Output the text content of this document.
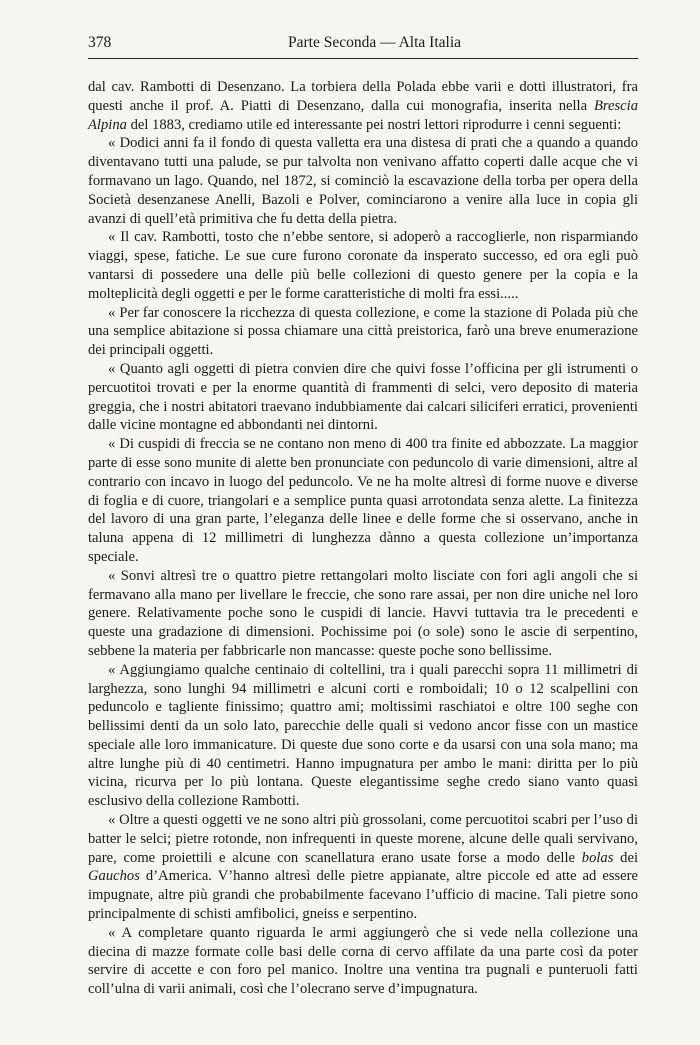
378	Parte Seconda — Alta Italia

dal cav. Rambotti di Desenzano. La torbiera della Polada ebbe varii e dotti illustratori, fra questi anche il prof. A. Piatti di Desenzano, dalla cui monografia, inserita nella Brescia Alpina del 1883, crediamo utile ed interessante pei nostri lettori riprodurre i cenni seguenti:

« Dodici anni fa il fondo di questa valletta era una distesa di prati che a quando a quando diventavano tutti una palude, se pur talvolta non venivano affatto coperti dalle acque che vi formavano un lago. Quando, nel 1872, si cominciò la escavazione della torba per opera della Società desenzanese Anelli, Bazoli e Polver, cominciarono a venire alla luce in copia gli avanzi di quell’età primitiva che fu detta della pietra.

« Il cav. Rambotti, tosto che n’ebbe sentore, si adoperò a raccoglierle, non risparmiando viaggi, spese, fatiche. Le sue cure furono coronate da insperato successo, ed ora egli può vantarsi di possedere una delle più belle collezioni di questo genere per la copia e la molteplicità degli oggetti e per le forme caratteristiche di molti fra essi.....

« Per far conoscere la ricchezza di questa collezione, e come la stazione di Polada più che una semplice abitazione si possa chiamare una città preistorica, farò una breve enumerazione dei principali oggetti.

« Quanto agli oggetti di pietra convien dire che quivi fosse l’officina per gli istrumenti o percuotitoi trovati e per la enorme quantità di frammenti di selci, vero deposito di materia greggia, che i nostri abitatori traevano indubbiamente dai calcari siliciferi erratici, provenienti dalle vicine montagne ed abbondanti nei dintorni.

« Di cuspidi di freccia se ne contano non meno di 400 tra finite ed abbozzate. La maggior parte di esse sono munite di alette ben pronunciate con peduncolo di varie dimensioni, altre al contrario con incavo in luogo del peduncolo. Ve ne ha molte altresì di forme nuove e diverse di foglia e di cuore, triangolari e a semplice punta quasi arrotondata senza alette. La finitezza del lavoro di una gran parte, l’eleganza delle linee e delle forme che si osservano, anche in taluna appena di 12 millimetri di lunghezza dànno a questa collezione un’importanza speciale.

« Sonvi altresì tre o quattro pietre rettangolari molto lisciate con fori agli angoli che si fermavano alla mano per livellare le freccie, che sono rare assai, per non dire uniche nel loro genere. Relativamente poche sono le cuspidi di lancie. Havvi tuttavia tra le precedenti e queste una gradazione di dimensioni. Pochissime poi (o sole) sono le ascie di serpentino, sebbene la materia per fabbricarle non mancasse: queste poche sono bellissime.

« Aggiungiamo qualche centinaio di coltellini, tra i quali parecchi sopra 11 millimetri di larghezza, sono lunghi 94 millimetri e alcuni corti e romboidali; 10 o 12 scalpellini con peduncolo e tagliente finissimo; quattro ami; moltissimi raschiatoi e oltre 100 seghe con bellissimi denti da un solo lato, parecchie delle quali si vedono ancor fisse con un mastice speciale alle loro immanicature. Di queste due sono corte e da usarsi con una sola mano; ma altre lunghe più di 40 centimetri. Hanno impugnatura per ambo le mani: diritta per lo più vicina, ricurva per lo più lontana. Queste elegantissime seghe credo siano vanto quasi esclusivo della collezione Rambotti.

« Oltre a questi oggetti ve ne sono altri più grossolani, come percuotitoi scabri per l’uso di batter le selci; pietre rotonde, non infrequenti in queste morene, alcune delle quali servivano, pare, come proiettili e alcune con scanellatura erano usate forse a modo delle bolas dei Gauchos d’America. V’hanno altresì delle pietre appianate, altre piccole ed atte ad essere impugnate, altre più grandi che probabilmente facevano l’ufficio di macine. Tali pietre sono principalmente di schisti amfibolici, gneiss e serpentino.

« A completare quanto riguarda le armi aggiungerò che si vede nella collezione una diecina di mazze formate colle basi delle corna di cervo affilate da una parte così da poter servire di accette e con foro pel manico. Inoltre una ventina tra pugnali e punteruoli fatti coll’ulna di varii animali, così che l’olecrano serve d’impugnatura.
